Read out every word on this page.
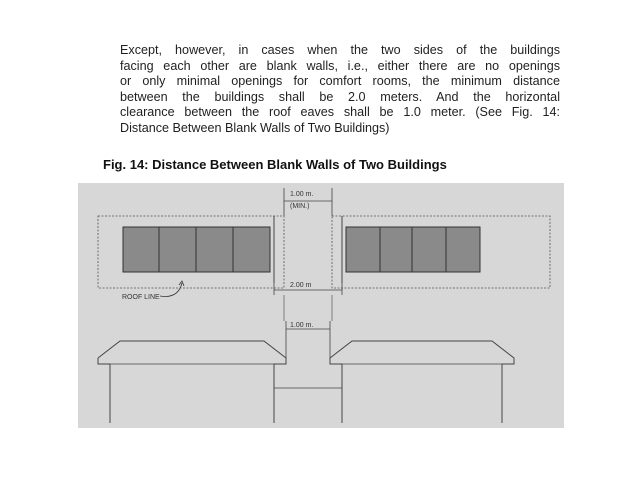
Except, however, in cases when the two sides of the buildings
facing each other are blank walls, i.e., either there are no openings
or only minimal openings for comfort rooms, the minimum distance
between the buildings shall be 2.0 meters. And the horizontal
clearance between the roof eaves shall be 1.0 meter. (See Fig. 14:
Distance Between Blank Walls of Two Buildings)

Fig. 14: Distance Between Blank Walls of Two Buildings

1.00 m.
(MIN.)
2.00 m
ROOF LINE
1.00 m.
